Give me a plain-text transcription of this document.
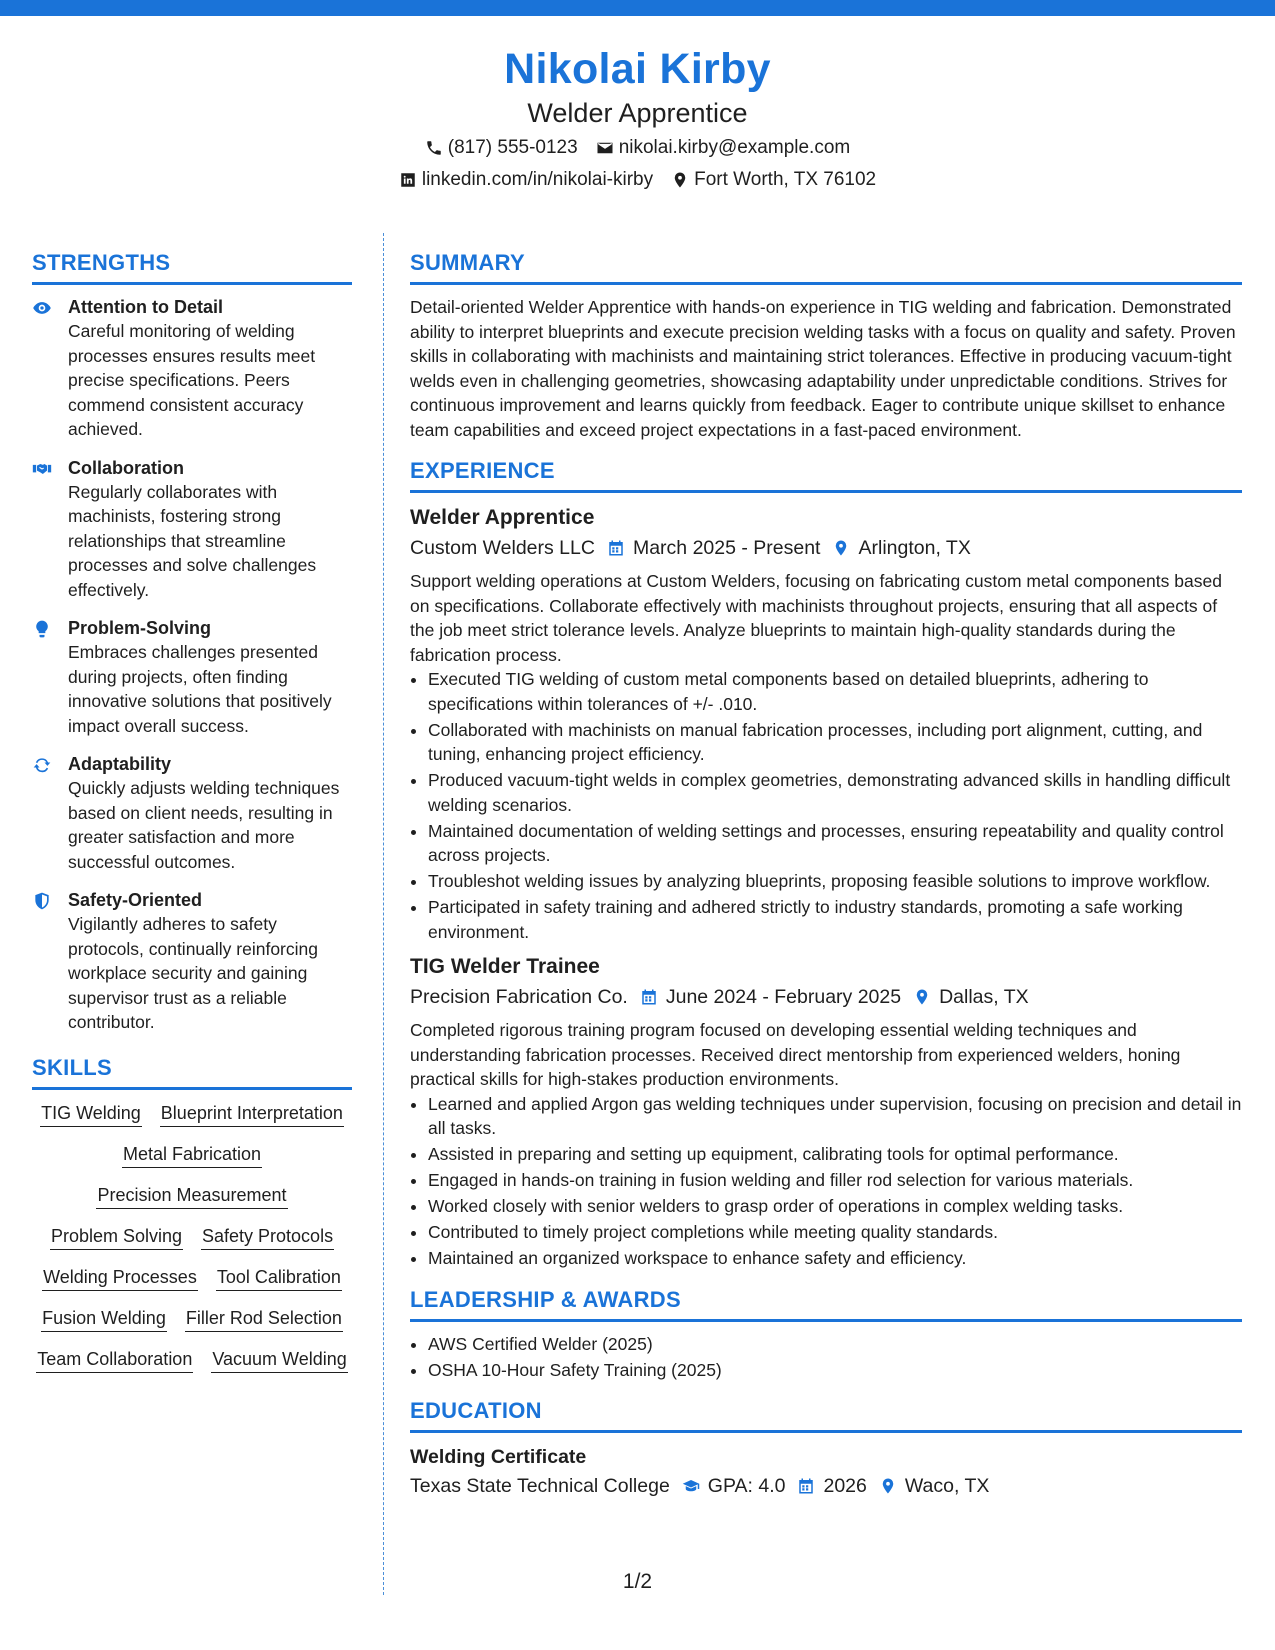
Nikolai Kirby
Welder Apprentice
(817) 555-0123 nikolai.kirby@example.com
linkedin.com/in/nikolai-kirby Fort Worth, TX 76102
STRENGTHS
Attention to Detail
Careful monitoring of welding processes ensures results meet precise specifications. Peers commend consistent accuracy achieved.
Collaboration
Regularly collaborates with machinists, fostering strong relationships that streamline processes and solve challenges effectively.
Problem-Solving
Embraces challenges presented during projects, often finding innovative solutions that positively impact overall success.
Adaptability
Quickly adjusts welding techniques based on client needs, resulting in greater satisfaction and more successful outcomes.
Safety-Oriented
Vigilantly adheres to safety protocols, continually reinforcing workplace security and gaining supervisor trust as a reliable contributor.
SKILLS
TIG Welding Blueprint Interpretation
Metal Fabrication
Precision Measurement
Problem Solving Safety Protocols
Welding Processes Tool Calibration
Fusion Welding Filler Rod Selection
Team Collaboration Vacuum Welding
SUMMARY
Detail-oriented Welder Apprentice with hands-on experience in TIG welding and fabrication. Demonstrated ability to interpret blueprints and execute precision welding tasks with a focus on quality and safety. Proven skills in collaborating with machinists and maintaining strict tolerances. Effective in producing vacuum-tight welds even in challenging geometries, showcasing adaptability under unpredictable conditions. Strives for continuous improvement and learns quickly from feedback. Eager to contribute unique skillset to enhance team capabilities and exceed project expectations in a fast-paced environment.
EXPERIENCE
Welder Apprentice
Custom Welders LLC March 2025 - Present Arlington, TX
Support welding operations at Custom Welders, focusing on fabricating custom metal components based on specifications. Collaborate effectively with machinists throughout projects, ensuring that all aspects of the job meet strict tolerance levels. Analyze blueprints to maintain high-quality standards during the fabrication process.
• Executed TIG welding of custom metal components based on detailed blueprints, adhering to specifications within tolerances of +/- .010.
• Collaborated with machinists on manual fabrication processes, including port alignment, cutting, and tuning, enhancing project efficiency.
• Produced vacuum-tight welds in complex geometries, demonstrating advanced skills in handling difficult welding scenarios.
• Maintained documentation of welding settings and processes, ensuring repeatability and quality control across projects.
• Troubleshot welding issues by analyzing blueprints, proposing feasible solutions to improve workflow.
• Participated in safety training and adhered strictly to industry standards, promoting a safe working environment.
TIG Welder Trainee
Precision Fabrication Co. June 2024 - February 2025 Dallas, TX
Completed rigorous training program focused on developing essential welding techniques and understanding fabrication processes. Received direct mentorship from experienced welders, honing practical skills for high-stakes production environments.
• Learned and applied Argon gas welding techniques under supervision, focusing on precision and detail in all tasks.
• Assisted in preparing and setting up equipment, calibrating tools for optimal performance.
• Engaged in hands-on training in fusion welding and filler rod selection for various materials.
• Worked closely with senior welders to grasp order of operations in complex welding tasks.
• Contributed to timely project completions while meeting quality standards.
• Maintained an organized workspace to enhance safety and efficiency.
LEADERSHIP & AWARDS
• AWS Certified Welder (2025)
• OSHA 10-Hour Safety Training (2025)
EDUCATION
Welding Certificate
Texas State Technical College GPA: 4.0 2026 Waco, TX
1/2
